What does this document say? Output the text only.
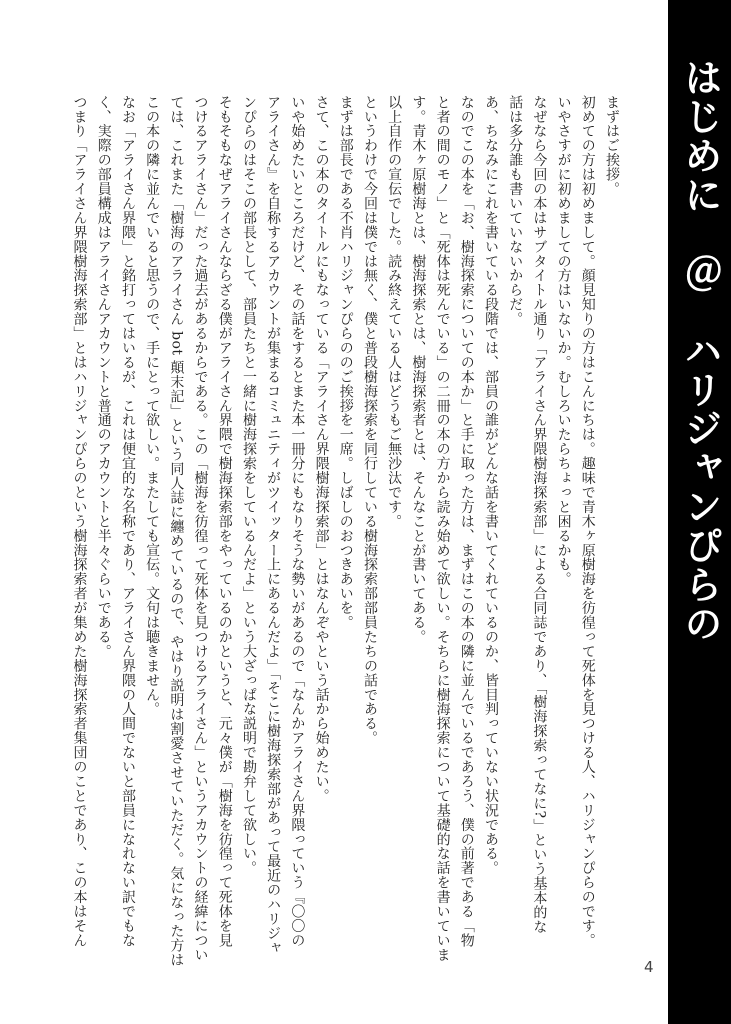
はじめに　＠　ハリジャンぴらの

まずはご挨拶。

初めての方は初めまして。顔見知りの方はこんにちは。趣味で青木ヶ原樹海を彷徨って死体を見つける人、ハリジャンぴらのです。

いやさすがに初めましての方はいないか。むしろいたらちょっと困るかも。

なぜなら今回の本はサブタイトル通り「アライさん界隈樹海探索部」による合同誌であり、「樹海探索ってなに?」という基本的な

話は多分誰も書いていないからだ。

あ、ちなみにこれを書いている段階では、部員の誰がどんな話を書いてくれているのか、皆目判っていない状況である。

なのでこの本を「お、樹海探索についての本か」と手に取った方は、まずはこの本の隣に並んでいるであろう、僕の前著である「物

と者の間のモノ」と「死体は死んでいる」の二冊の本の方から読み始めて欲しい。そちらに樹海探索について基礎的な話を書いていま

す。青木ヶ原樹海とは、樹海探索とは、樹海探索者とは、そんなことが書いてある。

以上自作の宣伝でした。読み終えている人はどうもご無沙汰です。

というわけで今回は僕では無く、僕と普段樹海探索を同行している樹海探索部部員たちの話である。

まずは部長である不肖ハリジャンぴらののご挨拶を一席。しばしのおつきあいを。

さて、この本のタイトルにもなっている「アライさん界隈樹海探索部」とはなんぞやという話から始めたい。

いや始めたいところだけど、その話をするとまた本一冊分にもなりそうな勢いがあるので「なんかアライさん界隈っていう『〇〇の

アライさん』を自称するアカウントが集まるコミュニティがツイッター上にあるんだよ」「そこに樹海探索部があって最近のハリジャ

ンぴらのはそこの部長として、部員たちと一緒に樹海探索をしているんだよ」という大ざっぱな説明で勘弁して欲しい。

そもそもなぜアライさんならざる僕がアライさん界隈で樹海探索部をやっているのかというと、元々僕が「樹海を彷徨って死体を見

つけるアライさん」だった過去があるからである。この「樹海を彷徨って死体を見つけるアライさん」というアカウントの経緯につい

ては、これまた「樹海のアライさん bot 顛末記」という同人誌に纏めているので、やはり説明は割愛させていただく。気になった方は

この本の隣に並んでいると思うので、手にとって欲しい。またしても宣伝。文句は聴きません。

なお「アライさん界隈」と銘打ってはいるが、これは便宜的な名称であり、アライさん界隈の人間でないと部員になれない訳でもな

く、実際の部員構成はアライさんアカウントと普通のアカウントと半々ぐらいである。

つまり「アライさん界隈樹海探索部」とはハリジャンぴらのという樹海探索者が集めた樹海探索者集団のことであり、この本はそん

4
